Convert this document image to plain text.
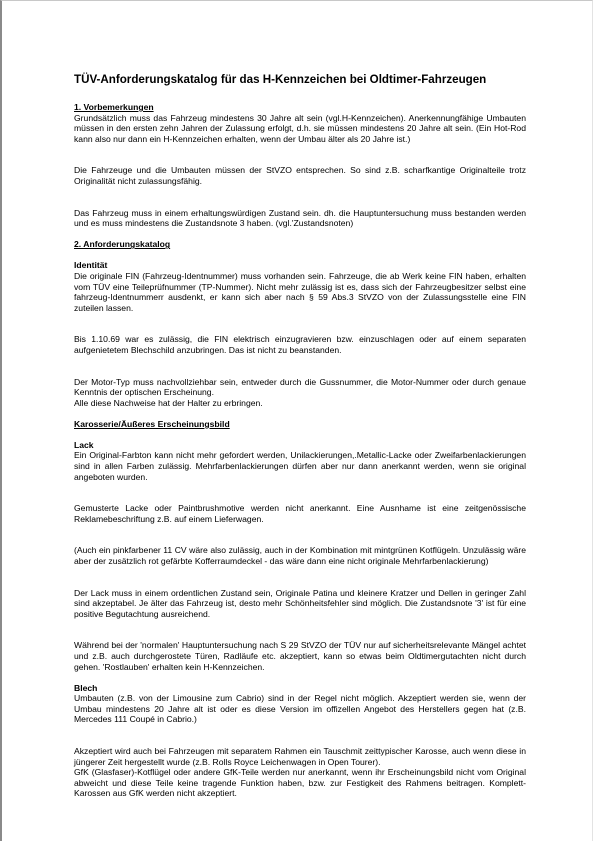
TÜV-Anforderungskatalog für das H-Kennzeichen bei Oldtimer-Fahrzeugen
1. Vorbemerkungen

Grundsätzlich muss das Fahrzeug mindestens 30 Jahre alt sein (vgl.H-Kennzeichen). Anerkennungfähige Umbauten müssen in den ersten zehn Jahren der Zulassung erfolgt, d.h. sie müssen mindestens 20 Jahre alt sein. (Ein Hot-Rod kann also nur dann ein H-Kennzeichen erhalten, wenn der Umbau älter als 20 Jahre ist.)

Die Fahrzeuge und die Umbauten müssen der StVZO entsprechen. So sind z.B. scharfkantige Originalteile trotz Originalität nicht zulassungsfähig.

Das Fahrzeug muss in einem erhaltungswürdigen Zustand sein. dh. die Hauptuntersuchung muss bestanden werden und es muss mindestens die Zustandsnote 3 haben. (vgl.'Zustandsnoten)

2. Anforderungskatalog
Identität

Die originale FIN (Fahrzeug-Identnummer) muss vorhanden sein. Fahrzeuge, die ab Werk keine FIN haben, erhalten vom TÜV eine Teileprüfnummer (TP-Nummer). Nicht mehr zulässig ist es, dass sich der Fahrzeugbesitzer selbst eine fahrzeug-Identnummerr ausdenkt, er kann sich aber nach § 59 Abs.3 StVZO von der Zulassungsstelle eine FIN zuteilen lassen.

Bis 1.10.69 war es zulässig, die FIN elektrisch einzugravieren bzw. einzuschlagen oder auf einem separaten aufgenietetem Blechschild anzubringen. Das ist nicht zu beanstanden.

Der Motor-Typ muss nachvollziehbar sein, entweder durch die Gussnummer, die Motor-Nummer oder durch genaue Kenntnis der optischen Erscheinung.

Alle diese Nachweise hat der Halter zu erbringen.

Karosserie/Äußeres Erscheinungsbild
Lack

Ein Original-Farbton kann nicht mehr gefordert werden, Unilackierungen,.Metallic-Lacke oder Zweifarbenlackierungen sind in allen Farben zulässig. Mehrfarbenlackierungen dürfen aber nur dann anerkannt werden, wenn sie original angeboten wurden.

Gemusterte Lacke oder Paintbrushmotive werden nicht anerkannt. Eine Ausnhame ist eine zeitgenössische Reklamebeschriftung z.B. auf einem Lieferwagen.

(Auch ein pinkfarbener 11 CV wäre also zulässig, auch in der Kombination mit mintgrünen Kotflügeln. Unzulässig wäre aber der zusätzlich rot gefärbte Kofferraumdeckel - das wäre dann eine nicht originale Mehrfarbenlackierung)

Der Lack muss in einem ordentlichen Zustand sein, Originale Patina und kleinere Kratzer und Dellen in geringer Zahl sind akzeptabel. Je älter das Fahrzeug ist, desto mehr Schönheitsfehler sind möglich. Die Zustandsnote '3' ist für eine positive Begutachtung ausreichend.

Während bei der 'normalen' Hauptuntersuchung nach S 29 StVZO der TÜV nur auf sicherheitsrelevante Mängel achtet und z.B. auch durchgerostete Türen, Radläufe etc. akzeptiert, kann so etwas beim Oldtimergutachten nicht durch gehen. 'Rostlauben' erhalten kein H-Kennzeichen.

Blech

Umbauten (z.B. von der Limousine zum Cabrio) sind in der Regel nicht möglich. Akzeptiert werden sie, wenn der Umbau mindestens 20 Jahre alt ist oder es diese Version im offizellen Angebot des Herstellers gegen hat (z.B. Mercedes 111 Coupé in Cabrio.)

Akzeptiert wird auch bei Fahrzeugen mit separatem Rahmen ein Tauschmit zeittypischer Karosse, auch wenn diese in jüngerer Zeit hergestellt wurde (z.B. Rolls Royce Leichenwagen in Open Tourer).

GfK (Glasfaser)-Kotflügel oder andere GfK-Teile werden nur anerkannt, wenn ihr Erscheinungsbild nicht vom Original abweicht und diese Teile keine tragende Funktion haben, bzw. zur Festigkeit des Rahmens beitragen. Komplett-Karossen aus GfK werden nicht akzeptiert.
